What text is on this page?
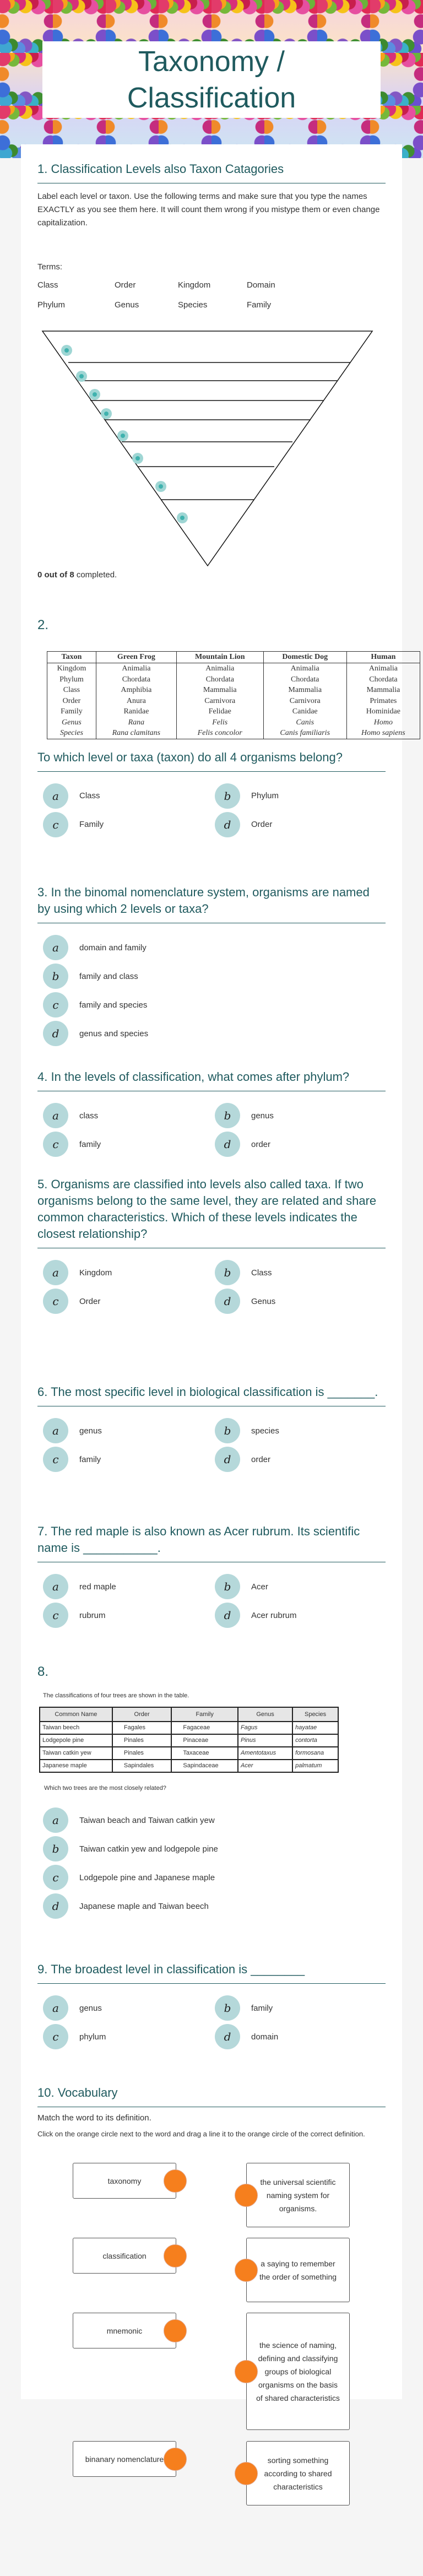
Taxonomy /
Classification
1. Classification Levels also Taxon Catagories
Label each level or taxon. Use the following terms and make sure that you type the names EXACTLY as you see them here. It will count them wrong if you mistype them or even change capitalization.
Terms:
Class	Order	Kingdom	Domain
Phylum	Genus	Species	Family
0 out of 8 completed.
2.
Taxon	Green Frog	Mountain Lion	Domestic Dog	Human
Kingdom	Animalia	Animalia	Animalia	Animalia
Phylum	Chordata	Chordata	Chordata	Chordata
Class	Amphibia	Mammalia	Mammalia	Mammalia
Order	Anura	Carnivora	Carnivora	Primates
Family	Ranidae	Felidae	Canidae	Hominidae
Genus	Rana	Felis	Canis	Homo
Species	Rana clamitans	Felis concolor	Canis familiaris	Homo sapiens
To which level or taxa (taxon) do all 4 organisms belong?
a	Class	b	Phylum
c	Family	d	Order
3. In the binomal nomenclature system, organisms are named by using which 2 levels or taxa?
a	domain and family
b	family and class
c	family and species
d	genus and species
4. In the levels of classification, what comes after phylum?
a	class	b	genus
c	family	d	order
5. Organisms are classified into levels also called taxa. If two organisms belong to the same level, they are related and share common characteristics. Which of these levels indicates the closest relationship?
a	Kingdom	b	Class
c	Order	d	Genus
6. The most specific level in biological classification is _______.
a	genus	b	species
c	family	d	order
7. The red maple is also known as Acer rubrum. Its scientific name is ___________.
a	red maple	b	Acer
c	rubrum	d	Acer rubrum
8.
The classifications of four trees are shown in the table.
Common Name	Order	Family	Genus	Species
Taiwan beech	Fagales	Fagaceae	Fagus	hayatae
Lodgepole pine	Pinales	Pinaceae	Pinus	contorta
Taiwan catkin yew	Pinales	Taxaceae	Amentotaxus	formosana
Japanese maple	Sapindales	Sapindaceae	Acer	palmatum
Which two trees are the most closely related?
a	Taiwan beach and Taiwan catkin yew
b	Taiwan catkin yew and lodgepole pine
c	Lodgepole pine and Japanese maple
d	Japanese maple and Taiwan beech
9. The broadest level in classification is ________
a	genus	b	family
c	phylum	d	domain
10. Vocabulary
Match the word to its definition.
Click on the orange circle next to the word and drag a line it to the orange circle of the correct definition.
taxonomy
classification
mnemonic
binanary nomenclature
the universal scientific naming system for organisms.
a saying to remember the order of something
the science of naming, defining and classifying groups of biological organisms on the basis of shared characteristics
sorting something according to shared characteristics
